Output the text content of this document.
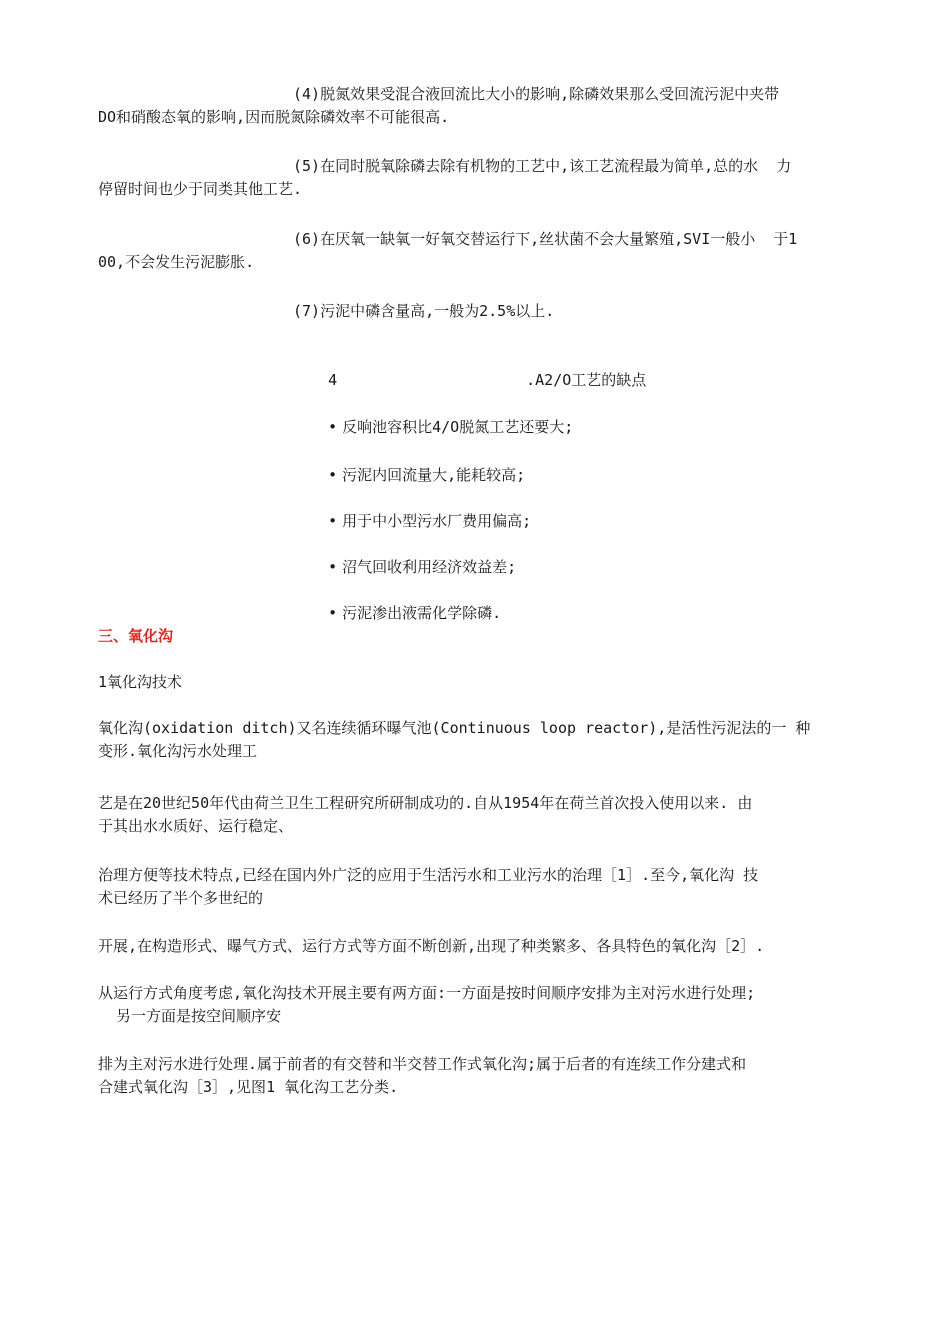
(4)脱氮效果受混合液回流比大小的影响,除磷效果那么受回流污泥中夹带
DO和硝酸态氧的影响,因而脱氮除磷效率不可能很高.
(5)在同时脱氧除磷去除有机物的工艺中,该工艺流程最为简单,总的水  力
停留时间也少于同类其他工艺.
(6)在厌氧一缺氧一好氧交替运行下,丝状菌不会大量繁殖,SVI一般小  于1
00,不会发生污泥膨胀.
(7)污泥中磷含量高,一般为2.5%以上.

4	.A2/O工艺的缺点

• 反响池容积比4/O脱氮工艺还要大;

• 污泥内回流量大,能耗较高;

• 用于中小型污水厂费用偏高;

• 沼气回收利用经济效益差;

• 污泥渗出液需化学除磷.

三、氧化沟
1氧化沟技术
氧化沟(oxidation ditch)又名连续循环曝气池(Continuous loop reactor),是活性污泥法的一 种
变形.氧化沟污水处理工
艺是在20世纪50年代由荷兰卫生工程研究所研制成功的.自从1954年在荷兰首次投入使用以来. 由
于其出水水质好、运行稳定、
治理方便等技术特点,已经在国内外广泛的应用于生活污水和工业污水的治理［1］.至今,氧化沟 技
术已经历了半个多世纪的
开展,在构造形式、曝气方式、运行方式等方面不断创新,出现了种类繁多、各具特色的氧化沟［2］.
从运行方式角度考虑,氧化沟技术开展主要有两方面:一方面是按时间顺序安排为主对污水进行处理;
另一方面是按空间顺序安
排为主对污水进行处理.属于前者的有交替和半交替工作式氧化沟;属于后者的有连续工作分建式和
合建式氧化沟［3］,见图1 氧化沟工艺分类.
